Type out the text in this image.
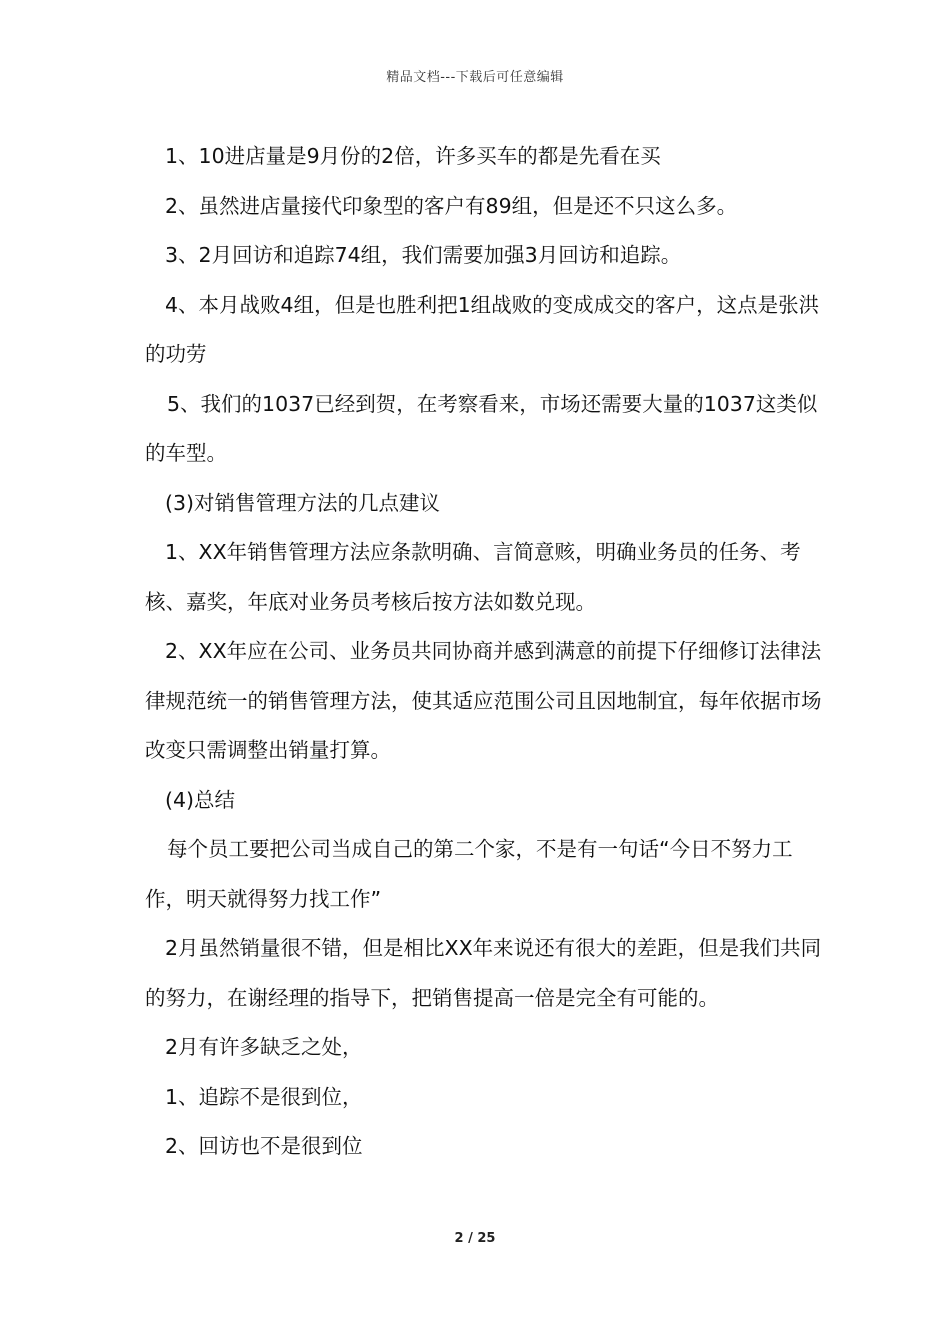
精品文档---下载后可任意编辑

1、10进店量是9月份的2倍，许多买车的都是先看在买

2、虽然进店量接代印象型的客户有89组，但是还不只这么多。

3、2月回访和追踪74组，我们需要加强3月回访和追踪。

4、本月战败4组，但是也胜利把1组战败的变成成交的客户，这点是张洪的功劳

5、我们的1037已经到贺，在考察看来，市场还需要大量的1037这类似的车型。

(3)对销售管理方法的几点建议

1、XX年销售管理方法应条款明确、言简意赅，明确业务员的任务、考核、嘉奖，年底对业务员考核后按方法如数兑现。

2、XX年应在公司、业务员共同协商并感到满意的前提下仔细修订法律法律规范统一的销售管理方法，使其适应范围公司且因地制宜，每年依据市场改变只需调整出销量打算。

(4)总结

每个员工要把公司当成自己的第二个家，不是有一句话“今日不努力工作，明天就得努力找工作”

2月虽然销量很不错，但是相比XX年来说还有很大的差距，但是我们共同的努力，在谢经理的指导下，把销售提高一倍是完全有可能的。

2月有许多缺乏之处，

1、追踪不是很到位，

2、回访也不是很到位

2 / 25
